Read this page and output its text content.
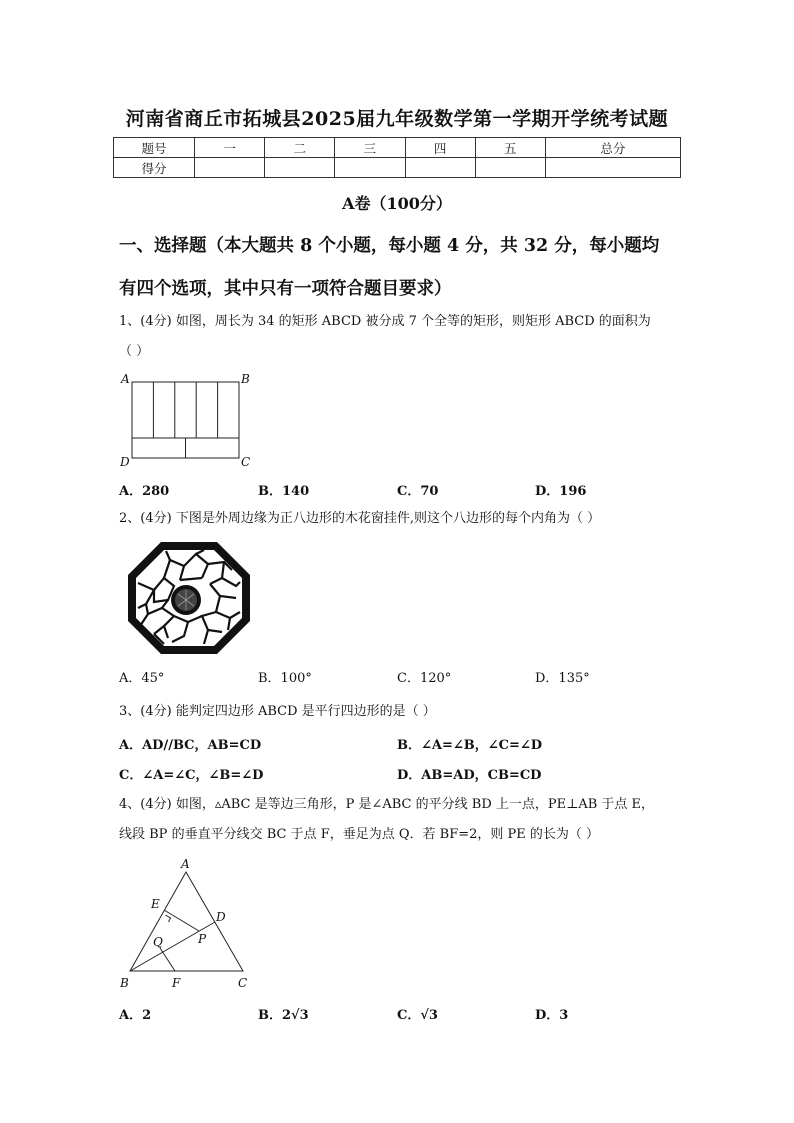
河南省商丘市拓城县2025届九年级数学第一学期开学统考试题
题号	一	二	三	四	五	总分
得分						
A卷（100分）
一、选择题（本大题共 8 个小题，每小题 4 分，共 32 分，每小题均
有四个选项，其中只有一项符合题目要求）
1、(4分) 如图，周长为 34 的矩形 ABCD 被分成 7 个全等的矩形，则矩形 ABCD 的面积为
（ ）
A	B
D	C
A．280	B．140	C．70	D．196
2、(4分) 下图是外周边缘为正八边形的木花窗挂件,则这个八边形的每个内角为（ ）
A．45°	B．100°	C．120°	D．135°
3、(4分) 能判定四边形 ABCD 是平行四边形的是（ ）
A．AD//BC，AB=CD	B．∠A=∠B，∠C=∠D
C．∠A=∠C，∠B=∠D	D．AB=AD，CB=CD
4、(4分) 如图，▵ABC 是等边三角形，P 是∠ABC 的平分线 BD 上一点，PE⊥AB 于点 E，
线段 BP 的垂直平分线交 BC 于点 F，垂足为点 Q．若 BF=2，则 PE 的长为（ ）
A
E
D
Q	P
B	F	C
A．2	B．2√3	C．√3	D．3
